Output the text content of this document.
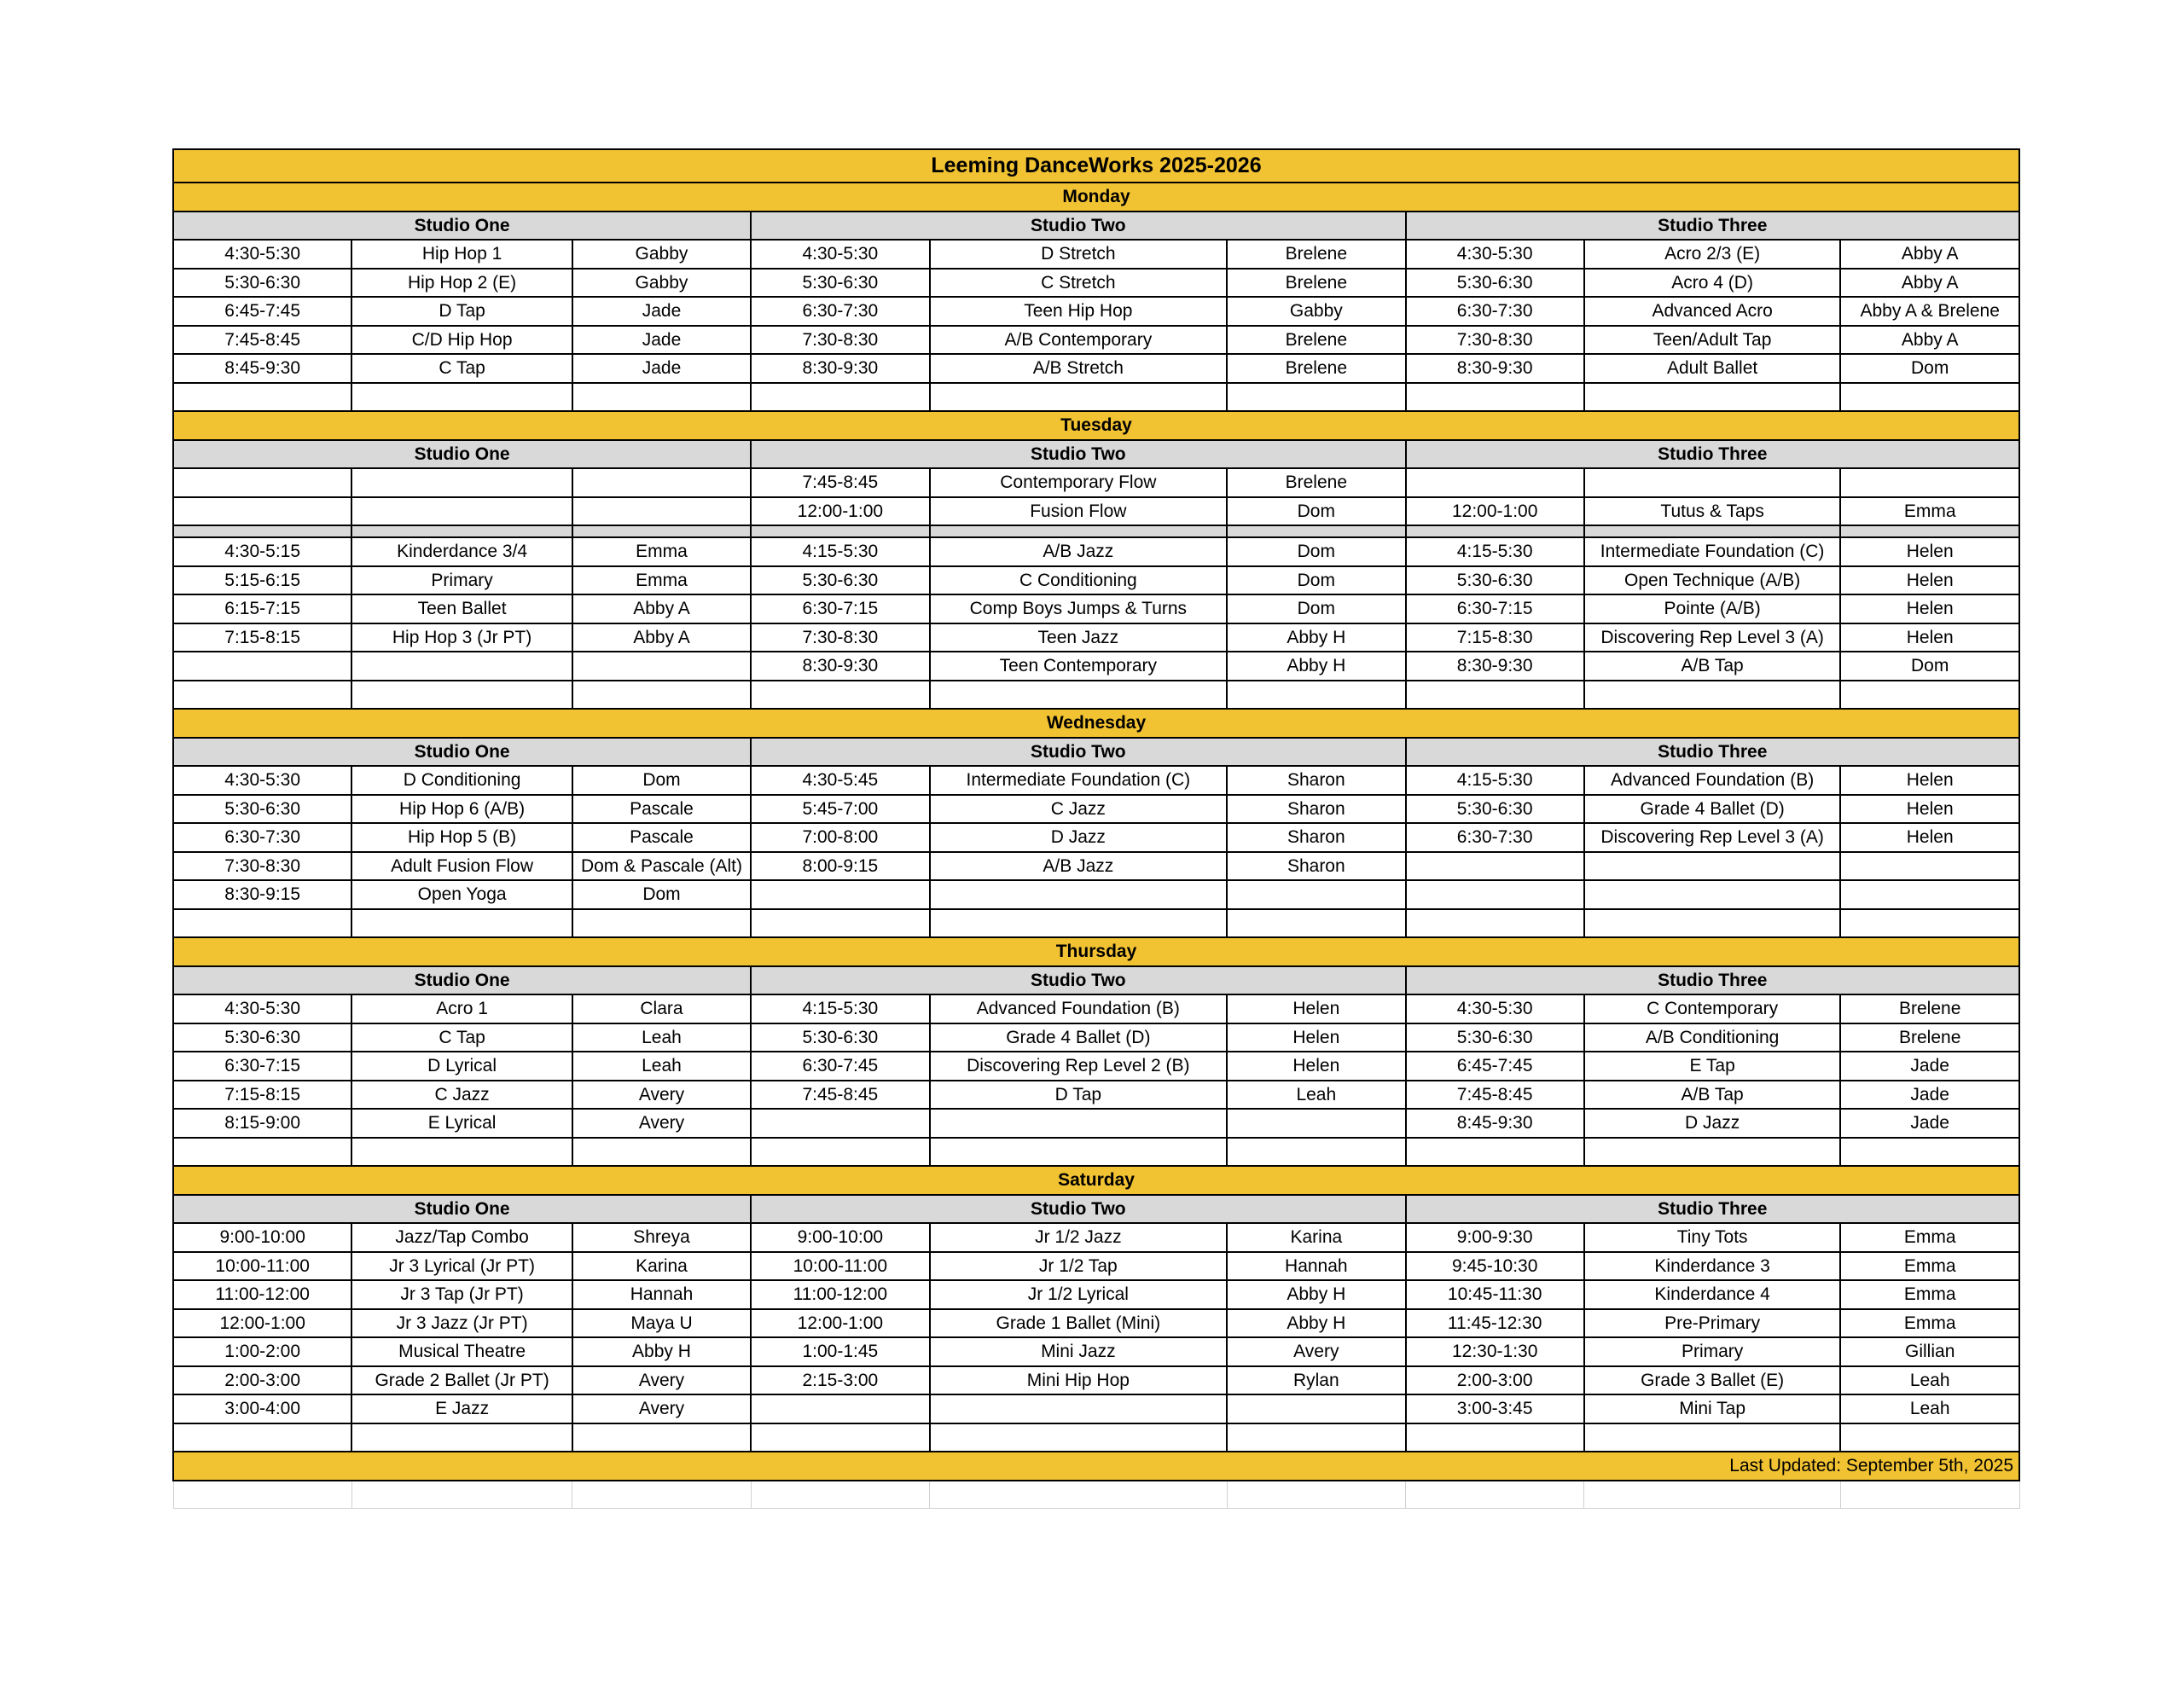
Leeming DanceWorks 2025-2026								
Monday								
Studio One			Studio Two			Studio Three		
4:30-5:30	Hip Hop 1	Gabby	4:30-5:30	D Stretch	Brelene	4:30-5:30	Acro 2/3 (E)	Abby A
5:30-6:30	Hip Hop 2 (E)	Gabby	5:30-6:30	C Stretch	Brelene	5:30-6:30	Acro 4 (D)	Abby A
6:45-7:45	D Tap	Jade	6:30-7:30	Teen Hip Hop	Gabby	6:30-7:30	Advanced Acro	Abby A & Brelene
7:45-8:45	C/D Hip Hop	Jade	7:30-8:30	A/B Contemporary	Brelene	7:30-8:30	Teen/Adult Tap	Abby A
8:45-9:30	C Tap	Jade	8:30-9:30	A/B Stretch	Brelene	8:30-9:30	Adult Ballet	Dom

Tuesday								
Studio One			Studio Two			Studio Three		
			7:45-8:45	Contemporary Flow	Brelene			
			12:00-1:00	Fusion Flow	Dom	12:00-1:00	Tutus & Taps	Emma

4:30-5:15	Kinderdance 3/4	Emma	4:15-5:30	A/B Jazz	Dom	4:15-5:30	Intermediate Foundation (C)	Helen
5:15-6:15	Primary	Emma	5:30-6:30	C Conditioning	Dom	5:30-6:30	Open Technique (A/B)	Helen
6:15-7:15	Teen Ballet	Abby A	6:30-7:15	Comp Boys Jumps & Turns	Dom	6:30-7:15	Pointe (A/B)	Helen
7:15-8:15	Hip Hop 3 (Jr PT)	Abby A	7:30-8:30	Teen Jazz	Abby H	7:15-8:30	Discovering Rep Level 3 (A)	Helen
			8:30-9:30	Teen Contemporary	Abby H	8:30-9:30	A/B Tap	Dom

Wednesday								
Studio One			Studio Two			Studio Three		
4:30-5:30	D Conditioning	Dom	4:30-5:45	Intermediate Foundation (C)	Sharon	4:15-5:30	Advanced Foundation (B)	Helen
5:30-6:30	Hip Hop 6 (A/B)	Pascale	5:45-7:00	C Jazz	Sharon	5:30-6:30	Grade 4 Ballet (D)	Helen
6:30-7:30	Hip Hop 5 (B)	Pascale	7:00-8:00	D Jazz	Sharon	6:30-7:30	Discovering Rep Level 3 (A)	Helen
7:30-8:30	Adult Fusion Flow	Dom & Pascale (Alt)	8:00-9:15	A/B Jazz	Sharon			
8:30-9:15	Open Yoga	Dom						

Thursday								
Studio One			Studio Two			Studio Three		
4:30-5:30	Acro 1	Clara	4:15-5:30	Advanced Foundation (B)	Helen	4:30-5:30	C Contemporary	Brelene
5:30-6:30	C Tap	Leah	5:30-6:30	Grade 4 Ballet (D)	Helen	5:30-6:30	A/B Conditioning	Brelene
6:30-7:15	D Lyrical	Leah	6:30-7:45	Discovering Rep Level 2 (B)	Helen	6:45-7:45	E Tap	Jade
7:15-8:15	C Jazz	Avery	7:45-8:45	D Tap	Leah	7:45-8:45	A/B Tap	Jade
8:15-9:00	E Lyrical	Avery				8:45-9:30	D Jazz	Jade

Saturday								
Studio One			Studio Two			Studio Three		
9:00-10:00	Jazz/Tap Combo	Shreya	9:00-10:00	Jr 1/2 Jazz	Karina	9:00-9:30	Tiny Tots	Emma
10:00-11:00	Jr 3 Lyrical (Jr PT)	Karina	10:00-11:00	Jr 1/2 Tap	Hannah	9:45-10:30	Kinderdance 3	Emma
11:00-12:00	Jr 3 Tap (Jr PT)	Hannah	11:00-12:00	Jr 1/2 Lyrical	Abby H	10:45-11:30	Kinderdance 4	Emma
12:00-1:00	Jr 3 Jazz (Jr PT)	Maya U	12:00-1:00	Grade 1 Ballet (Mini)	Abby H	11:45-12:30	Pre-Primary	Emma
1:00-2:00	Musical Theatre	Abby H	1:00-1:45	Mini Jazz	Avery	12:30-1:30	Primary	Gillian
2:00-3:00	Grade 2 Ballet (Jr PT)	Avery	2:15-3:00	Mini Hip Hop	Rylan	2:00-3:00	Grade 3 Ballet (E)	Leah
3:00-4:00	E Jazz	Avery				3:00-3:45	Mini Tap	Leah

Last Updated: September 5th, 2025								
